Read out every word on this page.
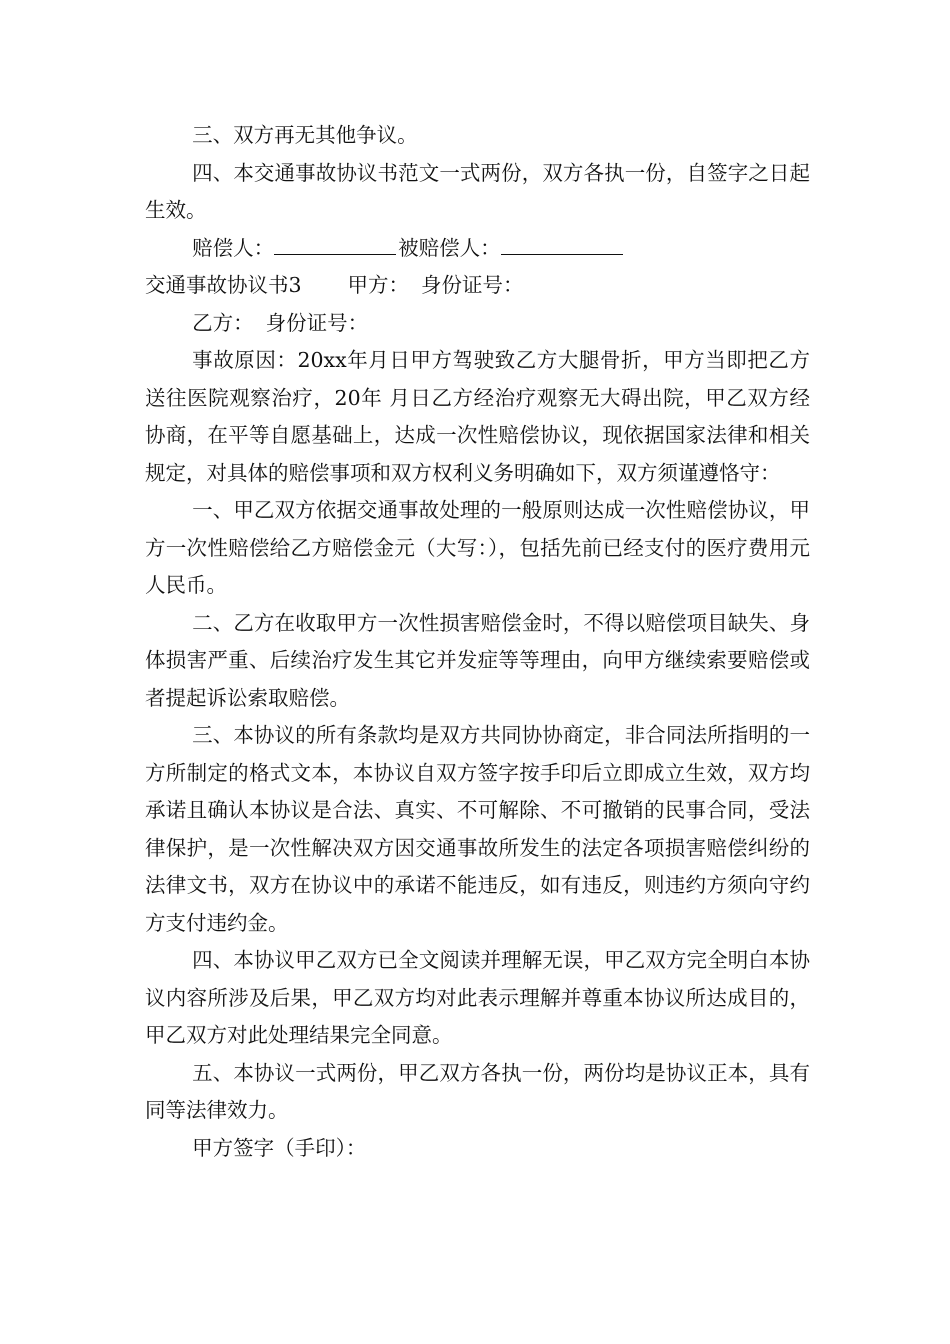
三、双方再无其他争议。

四、本交通事故协议书范文一式两份，双方各执一份，自签字之日起生效。

赔偿人：	被赔偿人：

交通事故协议书3 甲方： 身份证号：

乙方： 身份证号：

事故原因：20xx年月日甲方驾驶致乙方大腿骨折，甲方当即把乙方送往医院观察治疗，20年 月日乙方经治疗观察无大碍出院，甲乙双方经协商，在平等自愿基础上，达成一次性赔偿协议，现依据国家法律和相关规定，对具体的赔偿事项和双方权利义务明确如下，双方须谨遵恪守：

一、甲乙双方依据交通事故处理的一般原则达成一次性赔偿协议，甲方一次性赔偿给乙方赔偿金元（大写：），包括先前已经支付的医疗费用元人民币。

二、乙方在收取甲方一次性损害赔偿金时，不得以赔偿项目缺失、身体损害严重、后续治疗发生其它并发症等等理由，向甲方继续索要赔偿或者提起诉讼索取赔偿。

三、本协议的所有条款均是双方共同协协商定，非合同法所指明的一方所制定的格式文本，本协议自双方签字按手印后立即成立生效，双方均承诺且确认本协议是合法、真实、不可解除、不可撤销的民事合同，受法律保护，是一次性解决双方因交通事故所发生的法定各项损害赔偿纠纷的法律文书，双方在协议中的承诺不能违反，如有违反，则违约方须向守约方支付违约金。

四、本协议甲乙双方已全文阅读并理解无误，甲乙双方完全明白本协议内容所涉及后果，甲乙双方均对此表示理解并尊重本协议所达成目的，甲乙双方对此处理结果完全同意。

五、本协议一式两份，甲乙双方各执一份，两份均是协议正本，具有同等法律效力。

甲方签字（手印）：
